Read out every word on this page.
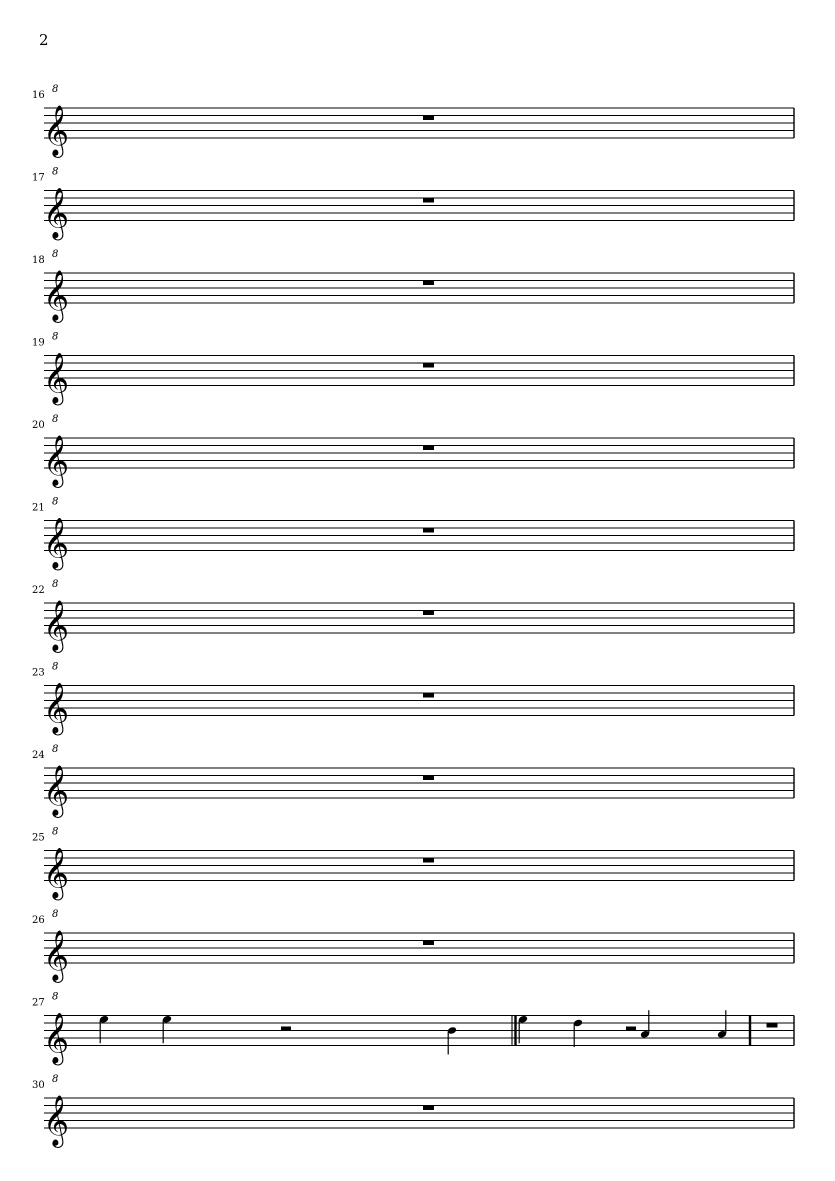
2
16
𝄞
8
17
𝄞
8
18
𝄞
8
19
𝄞
8
20
𝄞
8
21
𝄞
8
22
𝄞
8
23
𝄞
8
24
𝄞
8
25
𝄞
8
26
𝄞
8
27
𝄞
8
30
𝄞
8
